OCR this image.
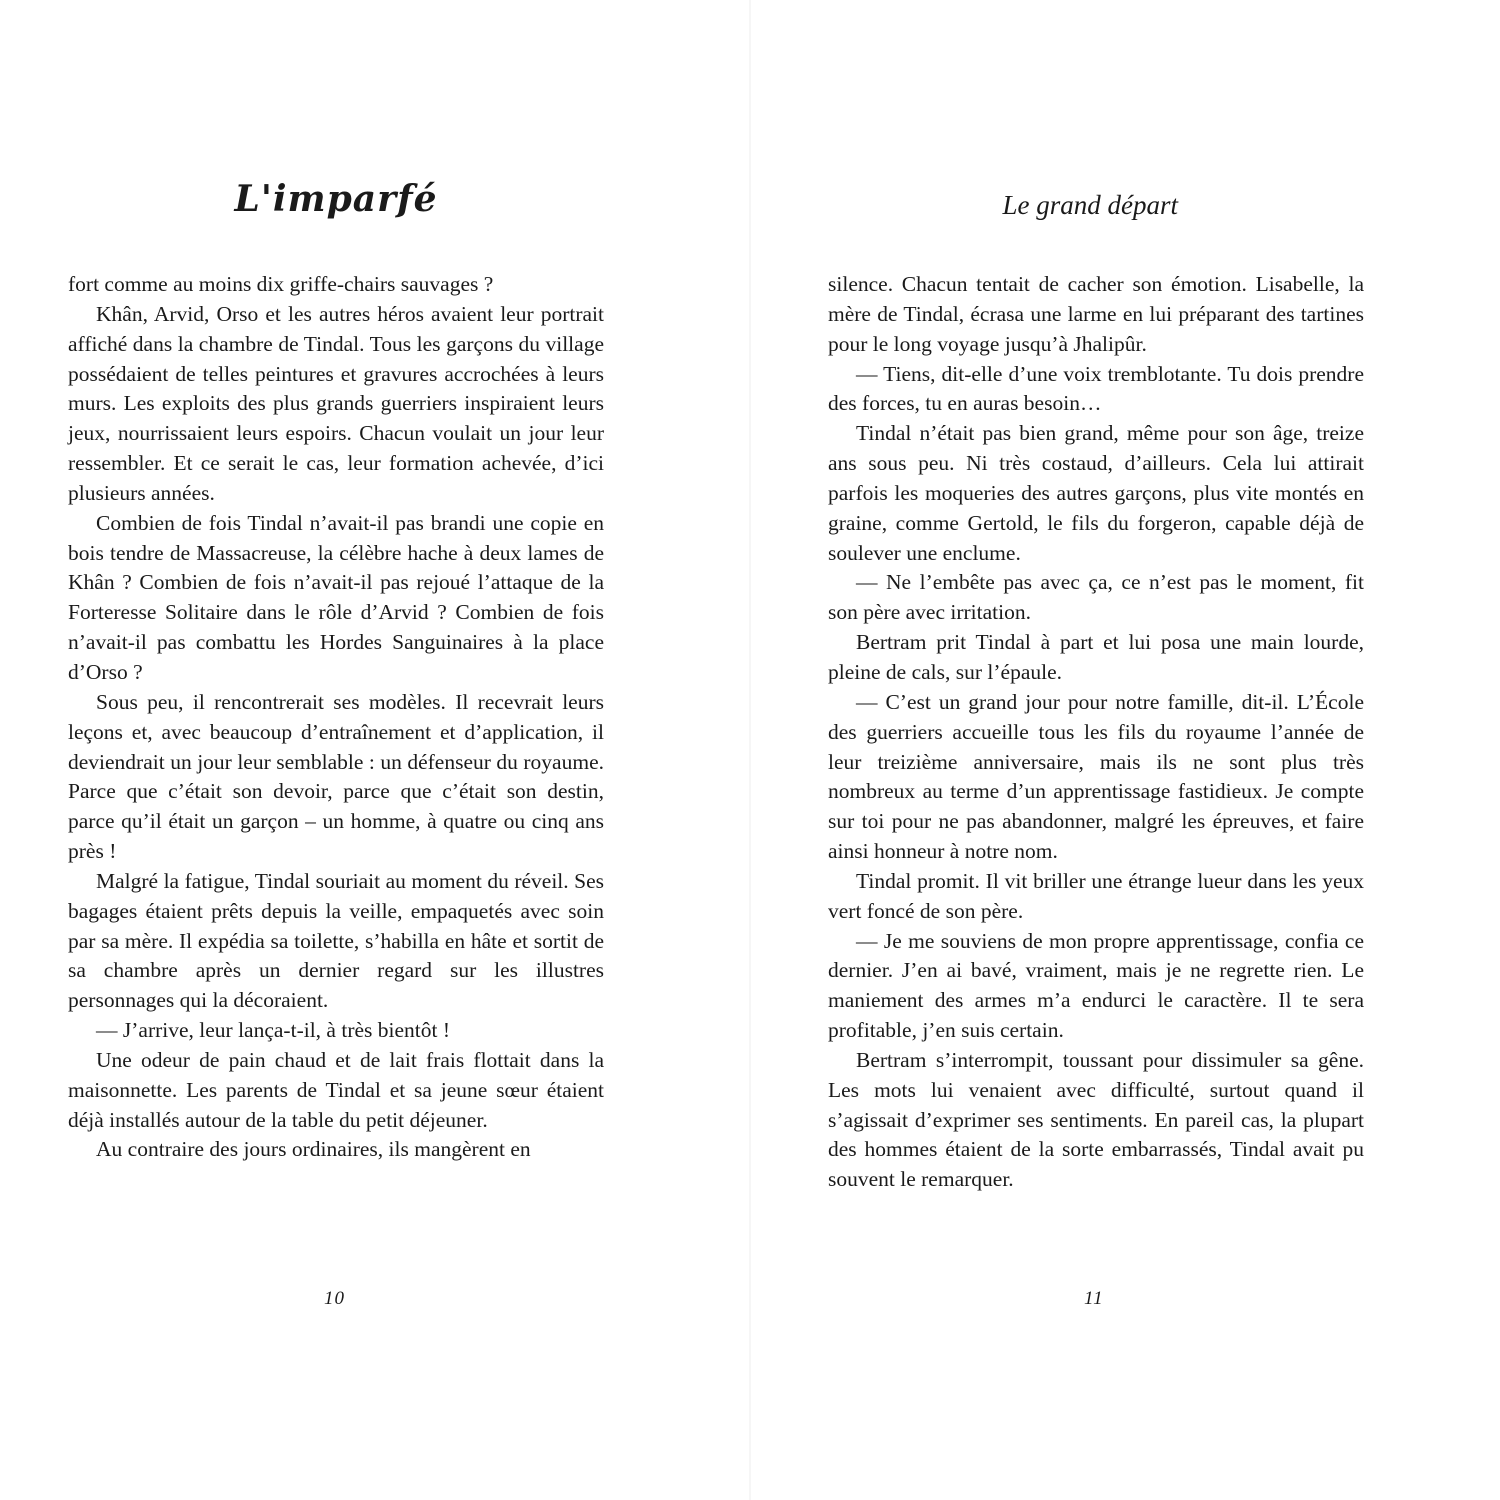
L'imparfé

fort comme au moins dix griffe-chairs sauvages ?

Khân, Arvid, Orso et les autres héros avaient leur portrait affiché dans la chambre de Tindal. Tous les garçons du village possédaient de telles peintures et gravures accrochées à leurs murs. Les exploits des plus grands guerriers inspiraient leurs jeux, nourrissaient leurs espoirs. Chacun voulait un jour leur ressembler. Et ce serait le cas, leur formation achevée, d’ici plusieurs années.

Combien de fois Tindal n’avait-il pas brandi une copie en bois tendre de Massacreuse, la célèbre hache à deux lames de Khân ? Combien de fois n’avait-il pas rejoué l’attaque de la Forteresse Solitaire dans le rôle d’Arvid ? Combien de fois n’avait-il pas combattu les Hordes Sanguinaires à la place d’Orso ?

Sous peu, il rencontrerait ses modèles. Il recevrait leurs leçons et, avec beaucoup d’entraînement et d’application, il deviendrait un jour leur semblable : un défenseur du royaume. Parce que c’était son devoir, parce que c’était son destin, parce qu’il était un garçon – un homme, à quatre ou cinq ans près !

Malgré la fatigue, Tindal souriait au moment du réveil. Ses bagages étaient prêts depuis la veille, empaquetés avec soin par sa mère. Il expédia sa toilette, s’habilla en hâte et sortit de sa chambre après un dernier regard sur les illustres personnages qui la décoraient.

— J’arrive, leur lança-t-il, à très bientôt !

Une odeur de pain chaud et de lait frais flottait dans la maisonnette. Les parents de Tindal et sa jeune sœur étaient déjà installés autour de la table du petit déjeuner.

Au contraire des jours ordinaires, ils mangèrent en

10
Le grand départ

silence. Chacun tentait de cacher son émotion. Lisabelle, la mère de Tindal, écrasa une larme en lui préparant des tartines pour le long voyage jusqu’à Jhalipûr.

— Tiens, dit-elle d’une voix tremblotante. Tu dois prendre des forces, tu en auras besoin…

Tindal n’était pas bien grand, même pour son âge, treize ans sous peu. Ni très costaud, d’ailleurs. Cela lui attirait parfois les moqueries des autres garçons, plus vite montés en graine, comme Gertold, le fils du forgeron, capable déjà de soulever une enclume.

— Ne l’embête pas avec ça, ce n’est pas le moment, fit son père avec irritation.

Bertram prit Tindal à part et lui posa une main lourde, pleine de cals, sur l’épaule.

— C’est un grand jour pour notre famille, dit-il. L’École des guerriers accueille tous les fils du royaume l’année de leur treizième anniversaire, mais ils ne sont plus très nombreux au terme d’un apprentissage fastidieux. Je compte sur toi pour ne pas abandonner, malgré les épreuves, et faire ainsi honneur à notre nom.

Tindal promit. Il vit briller une étrange lueur dans les yeux vert foncé de son père.

— Je me souviens de mon propre apprentissage, confia ce dernier. J’en ai bavé, vraiment, mais je ne regrette rien. Le maniement des armes m’a endurci le caractère. Il te sera profitable, j’en suis certain.

Bertram s’interrompit, toussant pour dissimuler sa gêne. Les mots lui venaient avec difficulté, surtout quand il s’agissait d’exprimer ses sentiments. En pareil cas, la plupart des hommes étaient de la sorte embarrassés, Tindal avait pu souvent le remarquer.

11
